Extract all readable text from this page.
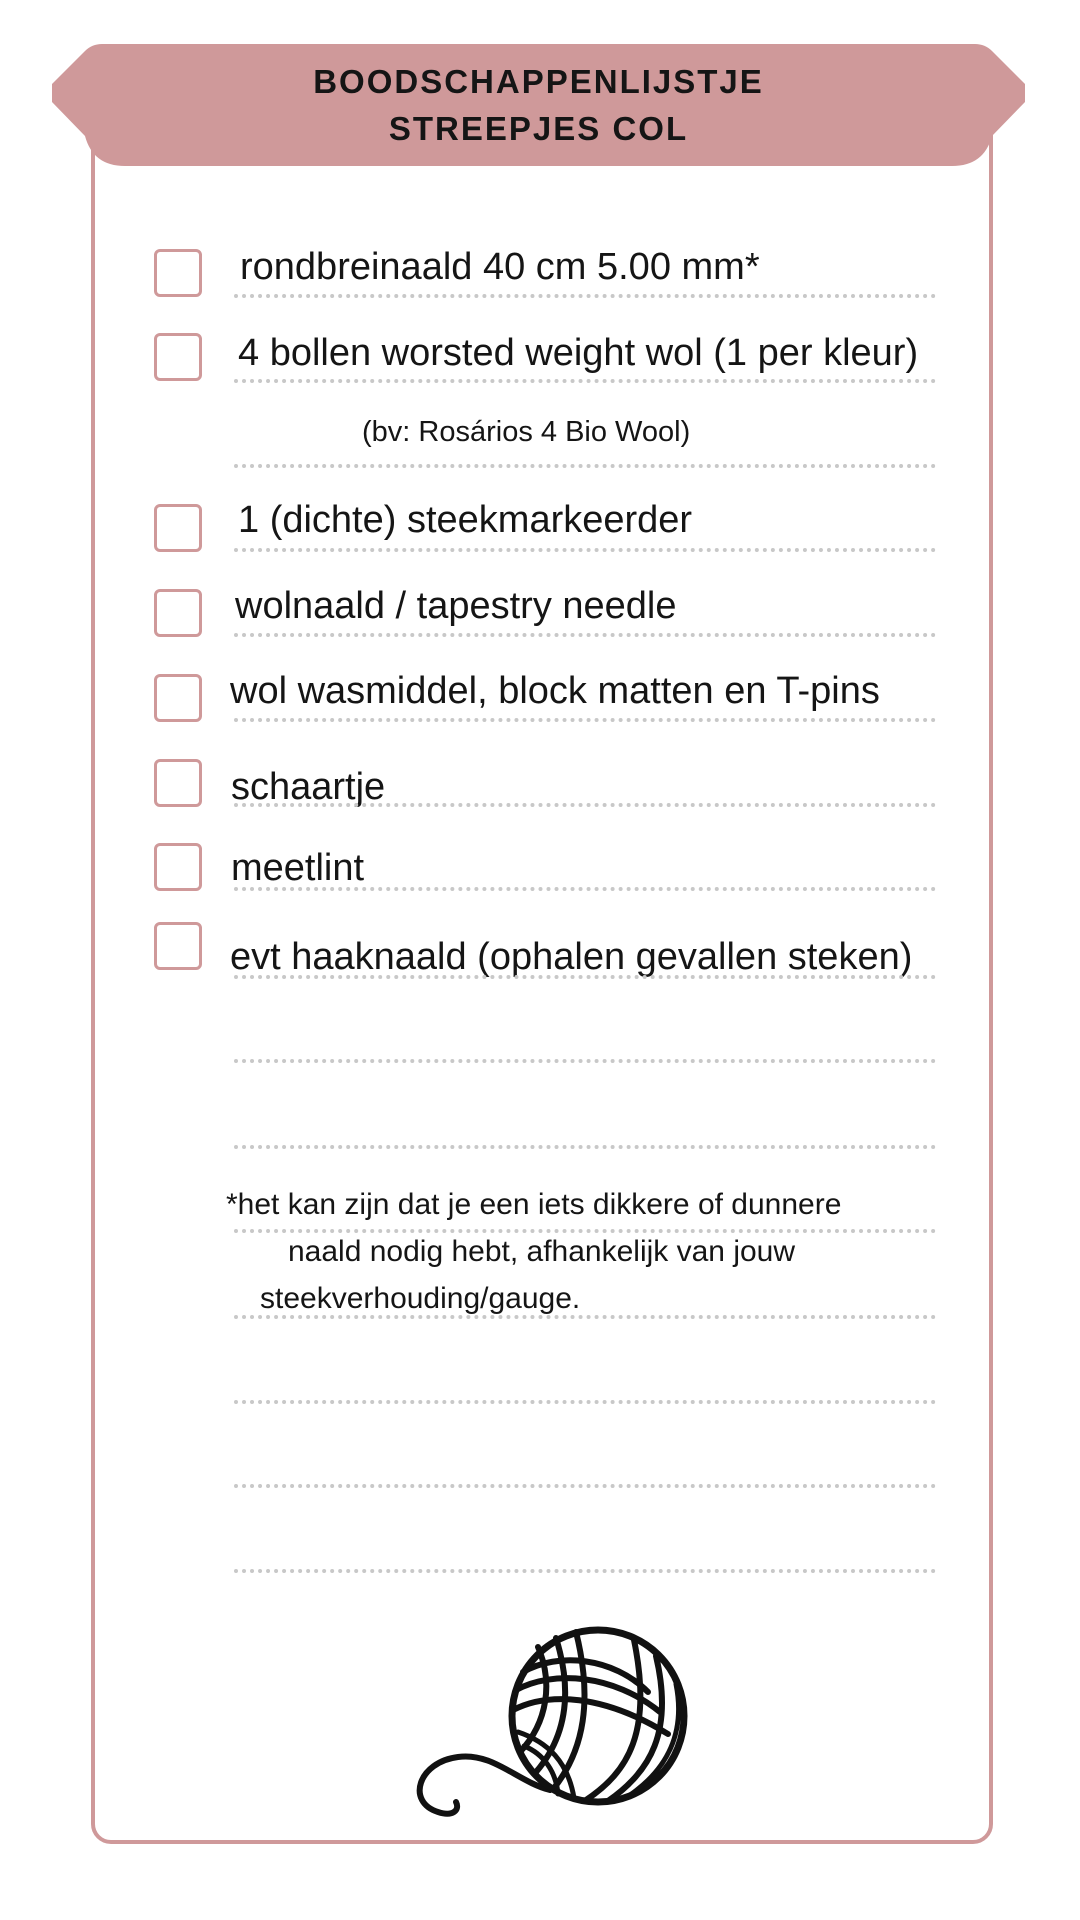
BOODSCHAPPENLIJSTJE
STREEPJES COL
rondbreinaald 40 cm 5.00 mm*
4 bollen worsted weight wol (1 per kleur)
(bv: Rosários 4 Bio Wool)
1 (dichte) steekmarkeerder
wolnaald / tapestry needle
wol wasmiddel, block matten en T-pins
schaartje
meetlint
evt haaknaald (ophalen gevallen steken)
*het kan zijn dat je een iets dikkere of dunnere
naald nodig hebt, afhankelijk van jouw
steekverhouding/gauge.
